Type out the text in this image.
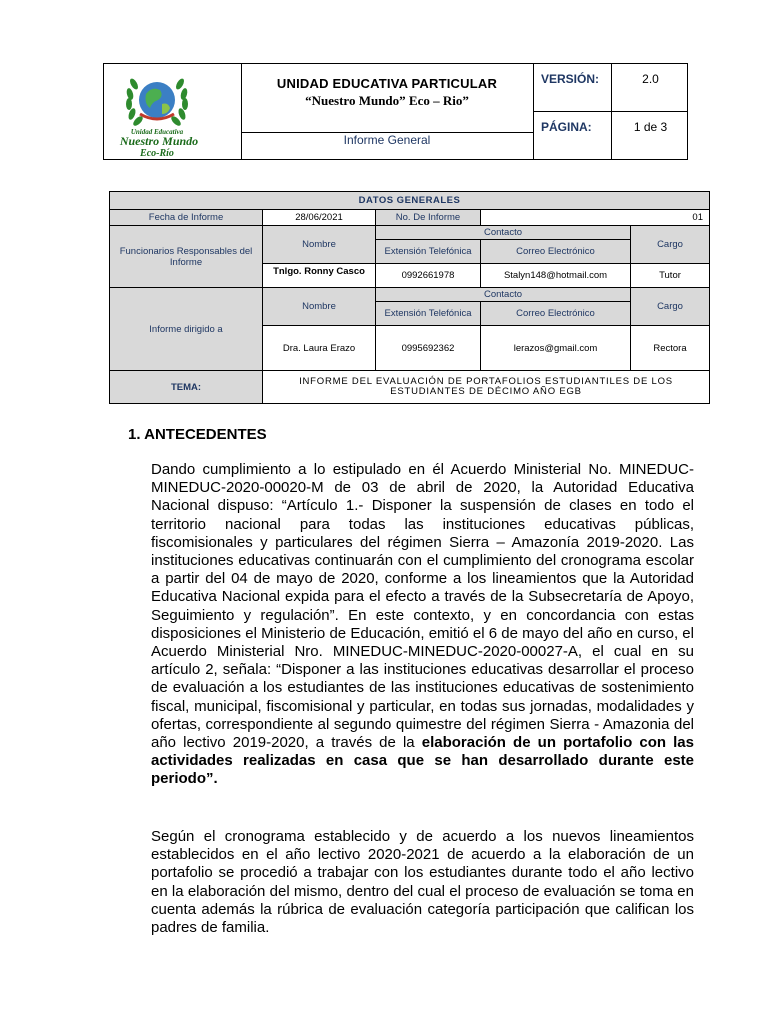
Unidad Educativa
Nuestro Mundo
Eco-Río
UNIDAD EDUCATIVA PARTICULAR
“Nuestro Mundo” Eco – Rio”
Informe General
VERSIÓN:	2.0
PÁGINA:	1 de 3
DATOS GENERALES				
Fecha de Informe	28/06/2021	No. De Informe	01	
Funcionarios Responsables del Informe	Nombre	Contacto		Cargo
		Extensión Telefónica	Correo Electrónico	
	Tnlgo. Ronny Casco	0992661978	Stalyn148@hotmail.com	Tutor
Informe dirigido a	Nombre	Contacto		Cargo
		Extensión Telefónica	Correo Electrónico	
	Dra. Laura Erazo	0995692362	lerazos@gmail.com	Rectora
TEMA:	INFORME DEL EVALUACIÓN DE PORTAFOLIOS ESTUDIANTILES DE LOS ESTUDIANTES DE DÉCIMO AÑO EGB			
1. ANTECEDENTES
Dando cumplimiento a lo estipulado en él Acuerdo Ministerial No. MINEDUC-MINEDUC-2020-00020-M de 03 de abril de 2020, la Autoridad Educativa Nacional dispuso: “Artículo 1.- Disponer la suspensión de clases en todo el territorio nacional para todas las instituciones educativas públicas, fiscomisionales y particulares del régimen Sierra – Amazonía 2019-2020. Las instituciones educativas continuarán con el cumplimiento del cronograma escolar a partir del 04 de mayo de 2020, conforme a los lineamientos que la Autoridad Educativa Nacional expida para el efecto a través de la Subsecretaría de Apoyo, Seguimiento y regulación”. En este contexto, y en concordancia con estas disposiciones el Ministerio de Educación, emitió el 6 de mayo del año en curso, el Acuerdo Ministerial Nro. MINEDUC-MINEDUC-2020-00027-A, el cual en su artículo 2, señala: “Disponer a las instituciones educativas desarrollar el proceso de evaluación a los estudiantes de las instituciones educativas de sostenimiento fiscal, municipal, fiscomisional y particular, en todas sus jornadas, modalidades y ofertas, correspondiente al segundo quimestre del régimen Sierra - Amazonia del año lectivo 2019-2020, a través de la elaboración de un portafolio con las actividades realizadas en casa que se han desarrollado durante este periodo”.
Según el cronograma establecido y de acuerdo a los nuevos lineamientos establecidos en el año lectivo 2020-2021 de acuerdo a la elaboración de un portafolio se procedió a trabajar con los estudiantes durante todo el año lectivo en la elaboración del mismo, dentro del cual el proceso de evaluación se toma en cuenta además la rúbrica de evaluación categoría participación que califican los padres de familia.
